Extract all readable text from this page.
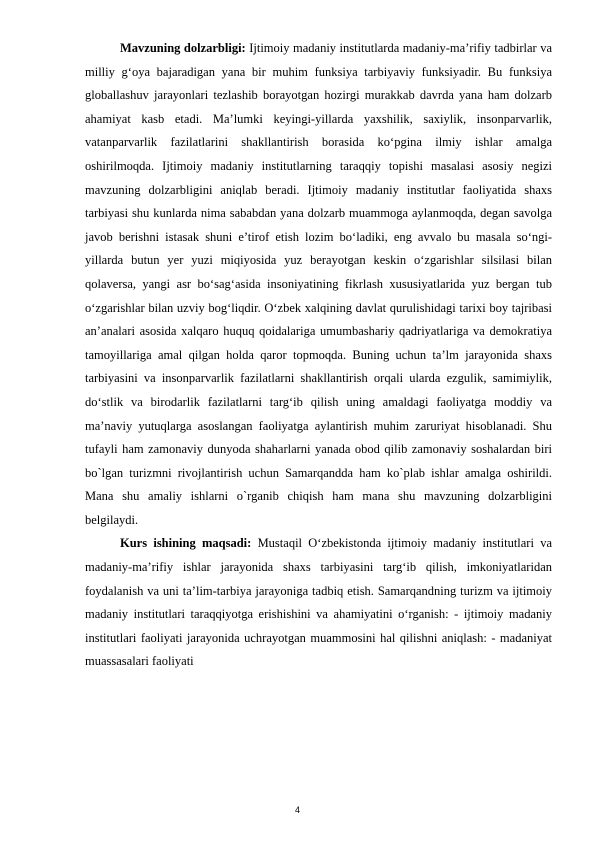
Mavzuning dolzarbligi: Ijtimoiy madaniy institutlarda madaniy-ma’rifiy tadbirlar va milliy g‘oya bajaradigan yana bir muhim funksiya tarbiyaviy funksiyadir. Bu funksiya globallashuv jarayonlari tezlashib borayotgan hozirgi murakkab davrda yana ham dolzarb ahamiyat kasb etadi. Ma’lumki keyingi-yillarda yaxshilik, saxiylik, insonparvarlik, vatanparvarlik fazilatlarini shakllantirish borasida ko‘pgina ilmiy ishlar amalga oshirilmoqda. Ijtimoiy madaniy institutlarning taraqqiy topishi masalasi asosiy negizi mavzuning dolzarbligini aniqlab beradi. Ijtimoiy madaniy institutlar faoliyatida shaxs tarbiyasi shu kunlarda nima sababdan yana dolzarb muammoga aylanmoqda, degan savolga javob berishni istasak shuni e’tirof etish lozim bo‘ladiki, eng avvalo bu masala so‘ngi-yillarda butun yer yuzi miqiyosida yuz berayotgan keskin o‘zgarishlar silsilasi bilan qolaversa, yangi asr bo‘sag‘asida insoniyatining fikrlash xususiyatlarida yuz bergan tub o‘zgarishlar bilan uzviy bog‘liqdir. O‘zbek xalqining davlat qurulishidagi tarixi boy tajribasi an’analari asosida xalqaro huquq qoidalariga umumbashariy qadriyatlariga va demokratiya tamoyillariga amal qilgan holda qaror topmoqda. Buning uchun ta’lm jarayonida shaxs tarbiyasini va insonparvarlik fazilatlarni shakllantirish orqali ularda ezgulik, samimiylik, do‘stlik va birodarlik fazilatlarni targ‘ib qilish uning amaldagi faoliyatga moddiy va ma’naviy yutuqlarga asoslangan faoliyatga aylantirish muhim zaruriyat hisoblanadi. Shu tufayli ham zamonaviy dunyoda shaharlarni yanada obod qilib zamonaviy soshalardan biri bo`lgan turizmni rivojlantirish uchun Samarqandda ham ko`plab ishlar amalga oshirildi. Mana shu amaliy ishlarni o`rganib chiqish ham mana shu mavzuning dolzarbligini belgilaydi.

Kurs ishining maqsadi: Mustaqil O‘zbekistonda ijtimoiy madaniy institutlari va madaniy-ma’rifiy ishlar jarayonida shaxs tarbiyasini targ‘ib qilish, imkoniyatlaridan foydalanish va uni ta’lim-tarbiya jarayoniga tadbiq etish. Samarqandning turizm va ijtimoiy madaniy institutlari taraqqiyotga erishishini va ahamiyatini o‘rganish: - ijtimoiy madaniy institutlari faoliyati jarayonida uchrayotgan muammosini hal qilishni aniqlash: - madaniyat muassasalari faoliyati

4
